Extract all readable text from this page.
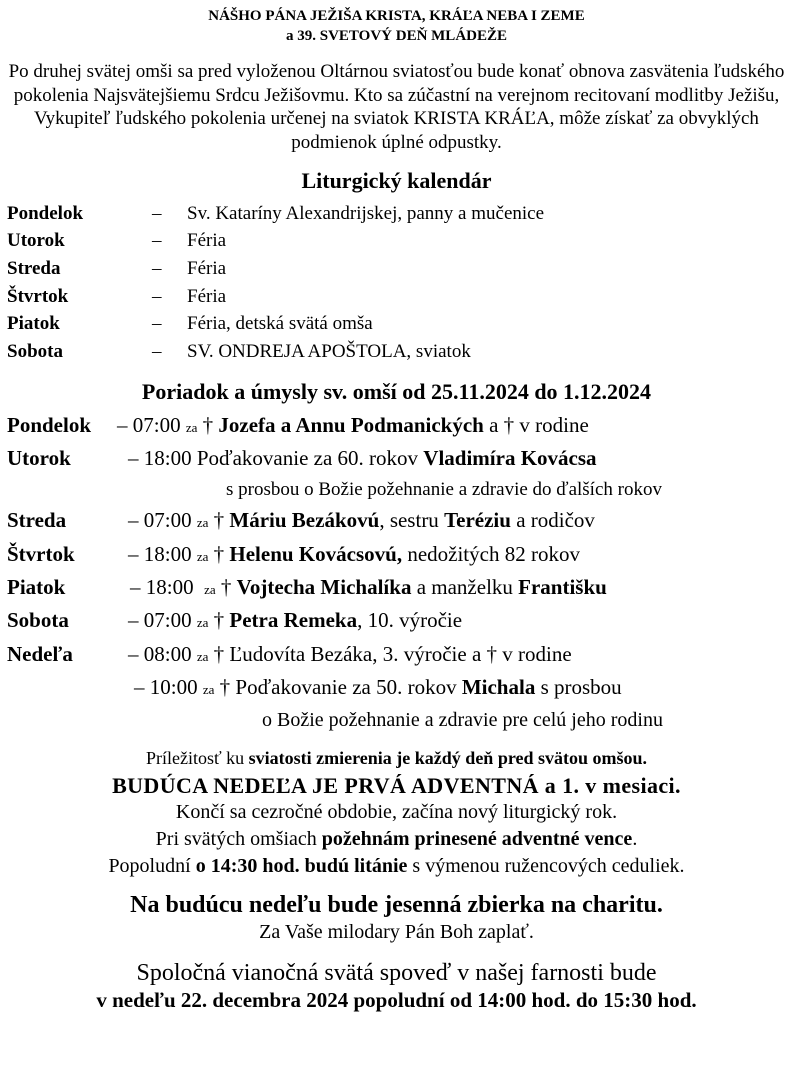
NÁŠHO PÁNA JEŽIŠA KRISTA, KRÁĽA NEBA I ZEME
a 39. SVETOVÝ DEŇ MLÁDEŽE

Po druhej svätej omši sa pred vyloženou Oltárnou sviatosťou bude konať obnova zasvätenia ľudského pokolenia Najsvätejšiemu Srdcu Ježišovmu. Kto sa zúčastní na verejnom recitovaní modlitby Ježišu, Vykupiteľ ľudského pokolenia určenej na sviatok KRISTA KRÁĽA, môže získať za obvyklých podmienok úplné odpustky.

Liturgický kalendár
Pondelok	–	Sv. Kataríny Alexandrijskej, panny a mučenice
Utorok	–	Féria
Streda	–	Féria
Štvrtok	–	Féria
Piatok	–	Féria, detská svätá omša
Sobota	–	SV. ONDREJA APOŠTOLA, sviatok
Poriadok a úmysly sv. omší od 25.11.2024 do 1.12.2024
Pondelok – 07:00 za † Jozefa a Annu Podmanických a † v rodine
Utorok	– 18:00 Poďakovanie za 60. rokov Vladimíra Kovácsa
s prosbou o Božie požehnanie a zdravie do ďalších rokov
Streda	– 07:00 za † Máriu Bezákovú, sestru Teréziu a rodičov
Štvrtok	– 18:00 za † Helenu Kovácsovú, nedožitých 82 rokov
Piatok	– 18:00 za † Vojtecha Michalíka a manželku Františku
Sobota	– 07:00 za † Petra Remeka, 10. výročie
Nedeľa	– 08:00 za † Ľudovíta Bezáka, 3. výročie a † v rodine
– 10:00 za † Poďakovanie za 50. rokov Michala s prosbou
o Božie požehnanie a zdravie pre celú jeho rodinu
Príležitosť ku sviatosti zmierenia je každý deň pred svätou omšou.
BUDÚCA NEDEĽA JE PRVÁ ADVENTNÁ a 1. v mesiaci.
Končí sa cezročné obdobie, začína nový liturgický rok.
Pri svätých omšiach požehnám prinesené adventné vence.
Popoludní o 14:30 hod. budú litánie s výmenou ružencových ceduliek.
Na budúcu nedeľu bude jesenná zbierka na charitu.
Za Vaše milodary Pán Boh zaplať.
Spoločná vianočná svätá spoveď v našej farnosti bude
v nedeľu 22. decembra 2024 popoludní od 14:00 hod. do 15:30 hod.
